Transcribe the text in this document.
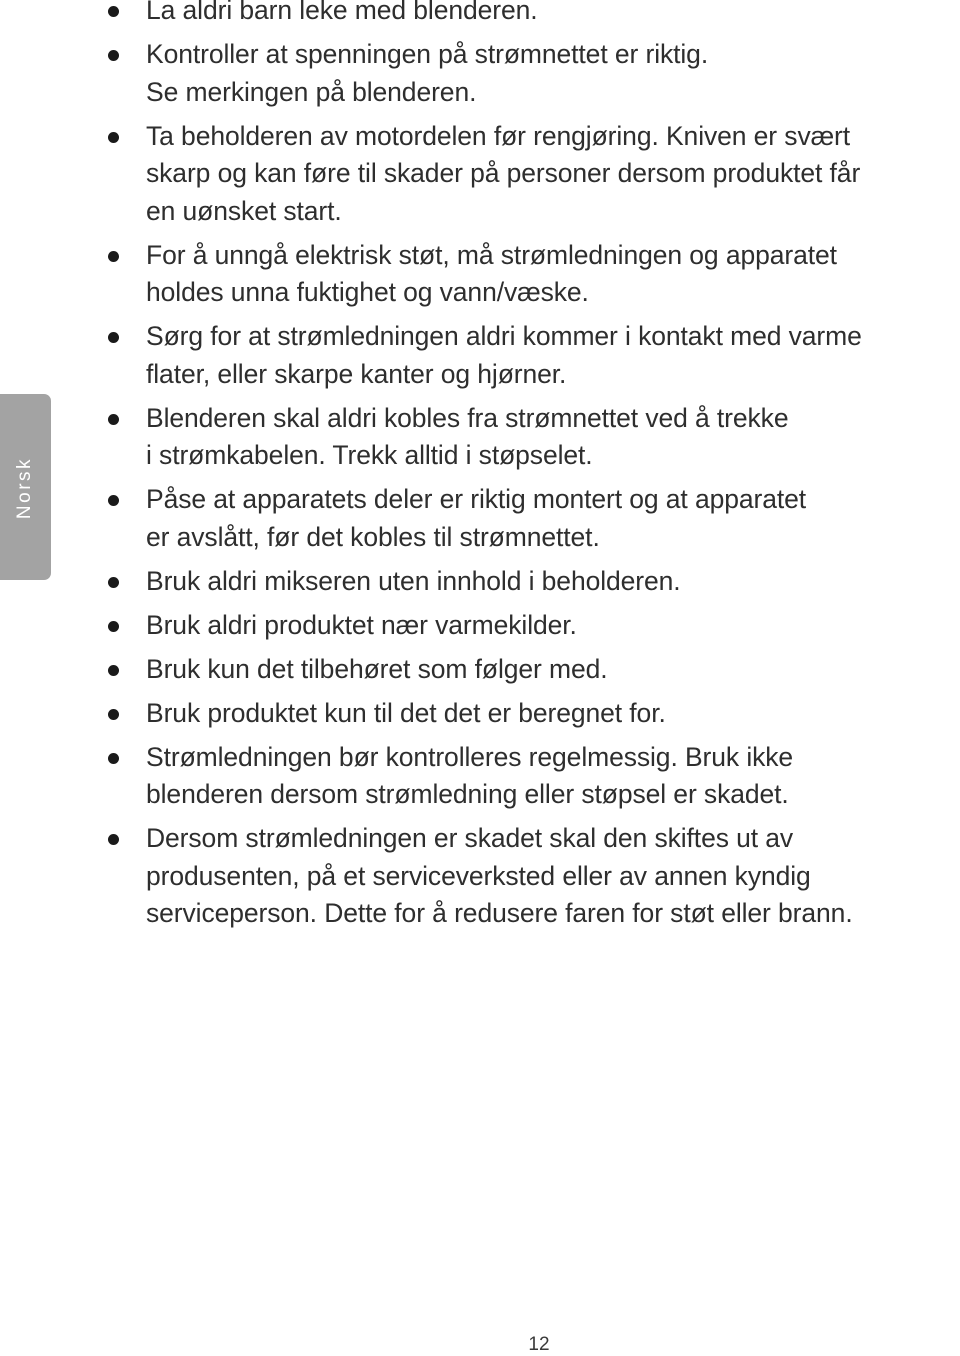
Norsk
La aldri barn leke med blenderen.
Kontroller at spenningen på strømnettet er riktig.
Se merkingen på blenderen.
Ta beholderen av motordelen før rengjøring. Kniven er svært
skarp og kan føre til skader på personer dersom produktet får
en uønsket start.
For å unngå elektrisk støt, må strømledningen og apparatet
holdes unna fuktighet og vann/væske.
Sørg for at strømledningen aldri kommer i kontakt med varme
flater, eller skarpe kanter og hjørner.
Blenderen skal aldri kobles fra strømnettet ved å trekke
i strømkabelen. Trekk alltid i støpselet.
Påse at apparatets deler er riktig montert og at apparatet
er avslått, før det kobles til strømnettet.
Bruk aldri mikseren uten innhold i beholderen.
Bruk aldri produktet nær varmekilder.
Bruk kun det tilbehøret som følger med.
Bruk produktet kun til det det er beregnet for.
Strømledningen bør kontrolleres regelmessig. Bruk ikke
blenderen dersom strømledning eller støpsel er skadet.
Dersom strømledningen er skadet skal den skiftes ut av
produsenten, på et serviceverksted eller av annen kyndig
serviceperson. Dette for å redusere faren for støt eller brann.
12
